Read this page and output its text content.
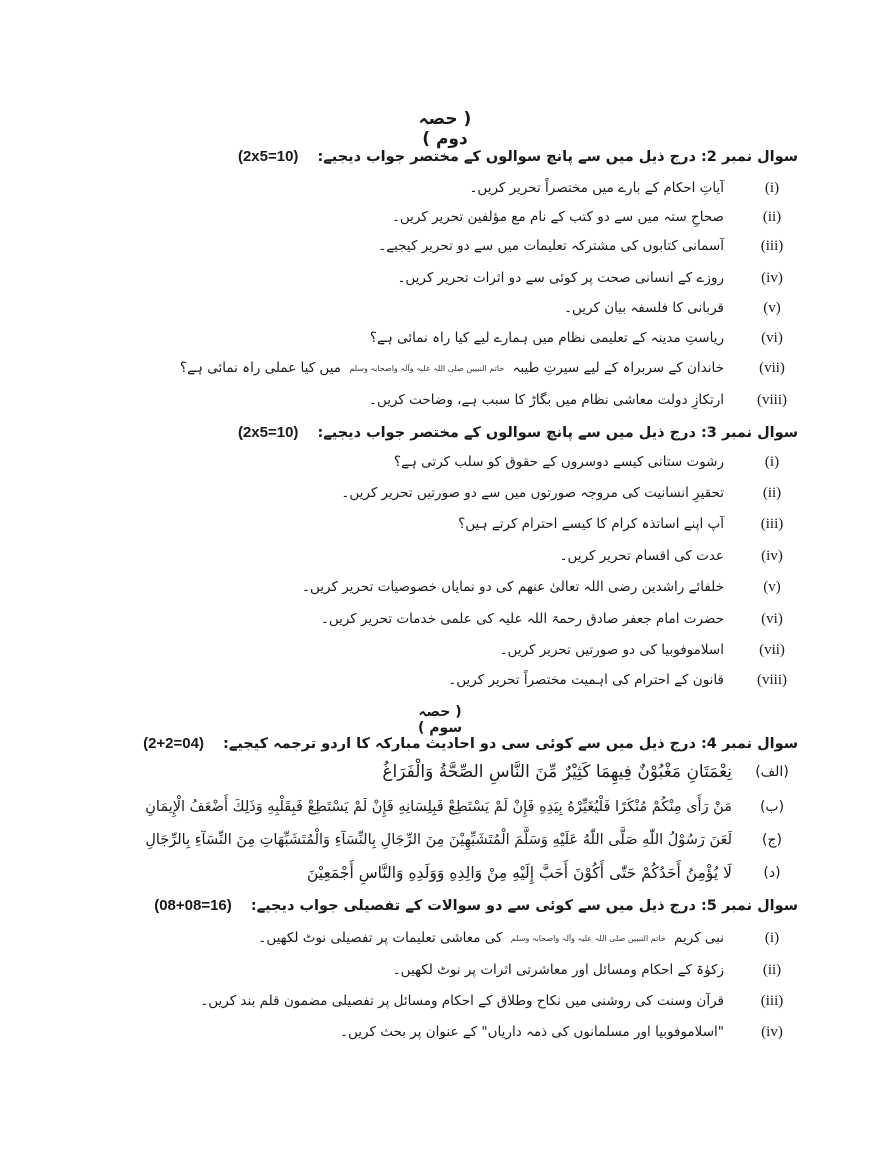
( حصہ دوم )
سوال نمبر 2: درج ذیل میں سے پانچ سوالوں کے مختصر جواب دیجیے: (2x5=10)
(i)
آیاتِ احکام کے بارے میں مختصراً تحریر کریں۔
(ii)
صحاحِ ستہ میں سے دو کتب کے نام مع مؤلفین تحریر کریں۔
(iii)
آسمانی کتابوں کی مشترکہ تعلیمات میں سے دو تحریر کیجیے۔
(iv)
روزے کے انسانی صحت پر کوئی سے دو اثرات تحریر کریں۔
(v)
قربانی کا فلسفہ بیان کریں۔
(vi)
ریاستِ مدینہ کے تعلیمی نظام میں ہمارے لیے کیا راہ نمائی ہے؟
(vii)
خاندان کے سربراہ کے لیے سیرتِ طیبہ خاتم النبیین صلی اللہ علیہ وآلہ واصحابہ وسلم میں کیا عملی راہ نمائی ہے؟
(viii)
ارتکازِ دولت معاشی نظام میں بگاڑ کا سبب ہے، وضاحت کریں۔
سوال نمبر 3: درج ذیل میں سے پانچ سوالوں کے مختصر جواب دیجیے: (2x5=10)
(i)
رشوت ستانی کیسے دوسروں کے حقوق کو سلب کرتی ہے؟
(ii)
تحقیرِ انسانیت کی مروجہ صورتوں میں سے دو صورتیں تحریر کریں۔
(iii)
آپ اپنے اساتذہ کرام کا کیسے احترام کرتے ہیں؟
(iv)
عدت کی اقسام تحریر کریں۔
(v)
خلفائے راشدین رضی اللہ تعالیٰ عنھم کی دو نمایاں خصوصیات تحریر کریں۔
(vi)
حضرت امام جعفر صادق رحمۃ اللہ علیہ کی علمی خدمات تحریر کریں۔
(vii)
اسلاموفوبیا کی دو صورتیں تحریر کریں۔
(viii)
قانون کے احترام کی اہمیت مختصراً تحریر کریں۔
( حصہ سوم )
سوال نمبر 4: درج ذیل میں سے کوئی سی دو احادیث مبارکہ کا اردو ترجمہ کیجیے: (2+2=04)
(الف)
نِعْمَتَانِ مَغْبُوْنٌ فِيهِمَا كَثِيْرٌ مِّنَ النَّاسِ الصِّحَّةُ وَالْفَرَاغُ
(ب)
مَنْ رَأَى مِنْكُمْ مُنْكَرًا فَلْيُغَيِّرْهُ بِيَدِهِ فَإِنْ لَمْ يَسْتَطِعْ فَبِلِسَانِهِ فَإِنْ لَمْ يَسْتَطِعْ فَبِقَلْبِهِ وَذَلِكَ أَضْعَفُ الْإِيمَانِ
(ج)
لَعَنَ رَسُوْلُ اللّٰهِ صَلَّى اللّٰهُ عَلَيْهِ وَسَلَّمَ الْمُتَشَبِّهِيْنَ مِنَ الرِّجَالِ بِالنِّسَآءِ وَالْمُتَشَبِّهَاتِ مِنَ النِّسَآءِ بِالرِّجَالِ
(د)
لَا يُؤْمِنُ أَحَدُكُمْ حَتّٰى أَكُوْنَ أَحَبَّ إِلَيْهِ مِنْ وَالِدِهِ وَوَلَدِهِ وَالنَّاسِ أَجْمَعِيْنَ
سوال نمبر 5: درج ذیل میں سے کوئی سے دو سوالات کے تفصیلی جواب دیجیے: (08+08=16)
(i)
نبی کریم خاتم النبیین صلی اللہ علیہ وآلہ واصحابہ وسلم کی معاشی تعلیمات پر تفصیلی نوٹ لکھیں۔
(ii)
زکوٰۃ کے احکام ومسائل اور معاشرتی اثرات پر نوٹ لکھیں۔
(iii)
قرآن وسنت کی روشنی میں نکاح وطلاق کے احکام ومسائل پر تفصیلی مضمون قلم بند کریں۔
(iv)
"اسلاموفوبیا اور مسلمانوں کی ذمہ داریاں" کے عنوان پر بحث کریں۔
